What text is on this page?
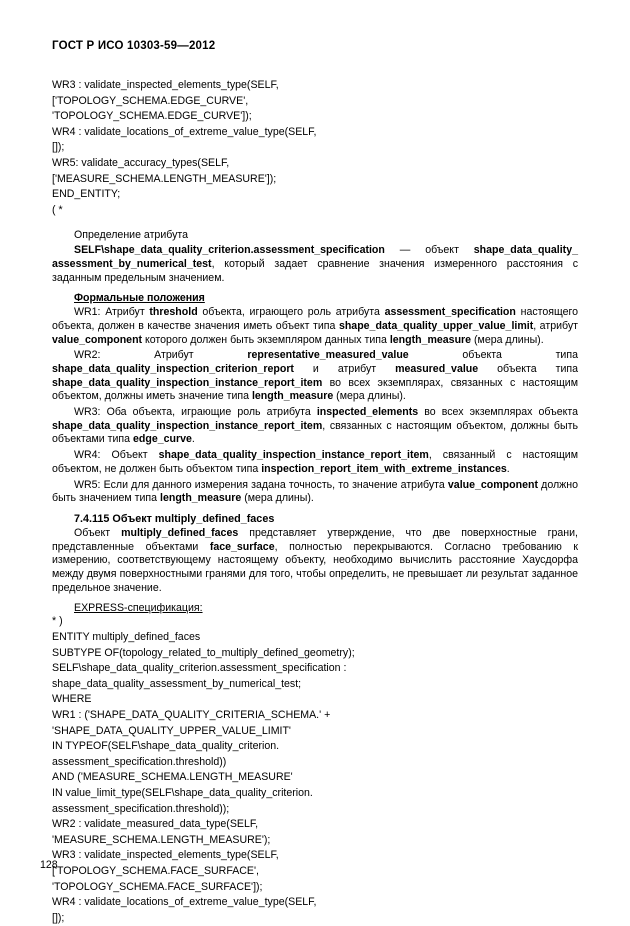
ГОСТ Р ИСО 10303-59—2012
WR3 : validate_inspected_elements_type(SELF,
['TOPOLOGY_SCHEMA.EDGE_CURVE',
'TOPOLOGY_SCHEMA.EDGE_CURVE']);
WR4 : validate_locations_of_extreme_value_type(SELF,
[]);
WR5: validate_accuracy_types(SELF,
['MEASURE_SCHEMA.LENGTH_MEASURE']);
END_ENTITY;
( *
Определение атрибута
SELF\shape_data_quality_criterion.assessment_specification — объект shape_data_quality_ assessment_by_numerical_test, который задает сравнение значения измеренного расстояния с заданным предельным значением.
Формальные положения
WR1: Атрибут threshold объекта, играющего роль атрибута assessment_specification настоящего объекта, должен в качестве значения иметь объект типа shape_data_quality_upper_value_limit, атрибут value_component которого должен быть экземпляром данных типа length_measure (мера длины).
WR2: Атрибут representative_measured_value объекта типа shape_data_quality_inspection_criterion_report и атрибут measured_value объекта типа shape_data_quality_inspection_instance_report_item во всех экземплярах, связанных с настоящим объектом, должны иметь значение типа length_measure (мера длины).
WR3: Оба объекта, играющие роль атрибута inspected_elements во всех экземплярах объекта shape_data_quality_inspection_instance_report_item, связанных с настоящим объектом, должны быть объектами типа edge_curve.
WR4: Объект shape_data_quality_inspection_instance_report_item, связанный с настоящим объектом, не должен быть объектом типа inspection_report_item_with_extreme_instances.
WR5: Если для данного измерения задана точность, то значение атрибута value_component должно быть значением типа length_measure (мера длины).
7.4.115 Объект multiply_defined_faces
Объект multiply_defined_faces представляет утверждение, что две поверхностные грани, представленные объектами face_surface, полностью перекрываются. Согласно требованию к измерению, соответствующему настоящему объекту, необходимо вычислить расстояние Хаусдорфа между двумя поверхностными гранями для того, чтобы определить, не превышает ли результат заданное предельное значение.
EXPRESS-спецификация:
* )
ENTITY multiply_defined_faces
SUBTYPE OF(topology_related_to_multiply_defined_geometry);
SELF\shape_data_quality_criterion.assessment_specification :
shape_data_quality_assessment_by_numerical_test;
WHERE
WR1 : ('SHAPE_DATA_QUALITY_CRITERIA_SCHEMA.' +
'SHAPE_DATA_QUALITY_UPPER_VALUE_LIMIT'
IN TYPEOF(SELF\shape_data_quality_criterion.
assessment_specification.threshold))
AND ('MEASURE_SCHEMA.LENGTH_MEASURE'
IN value_limit_type(SELF\shape_data_quality_criterion.
assessment_specification.threshold));
WR2 : validate_measured_data_type(SELF,
'MEASURE_SCHEMA.LENGTH_MEASURE');
WR3 : validate_inspected_elements_type(SELF,
['TOPOLOGY_SCHEMA.FACE_SURFACE',
'TOPOLOGY_SCHEMA.FACE_SURFACE']);
WR4 : validate_locations_of_extreme_value_type(SELF,
[]);
128
